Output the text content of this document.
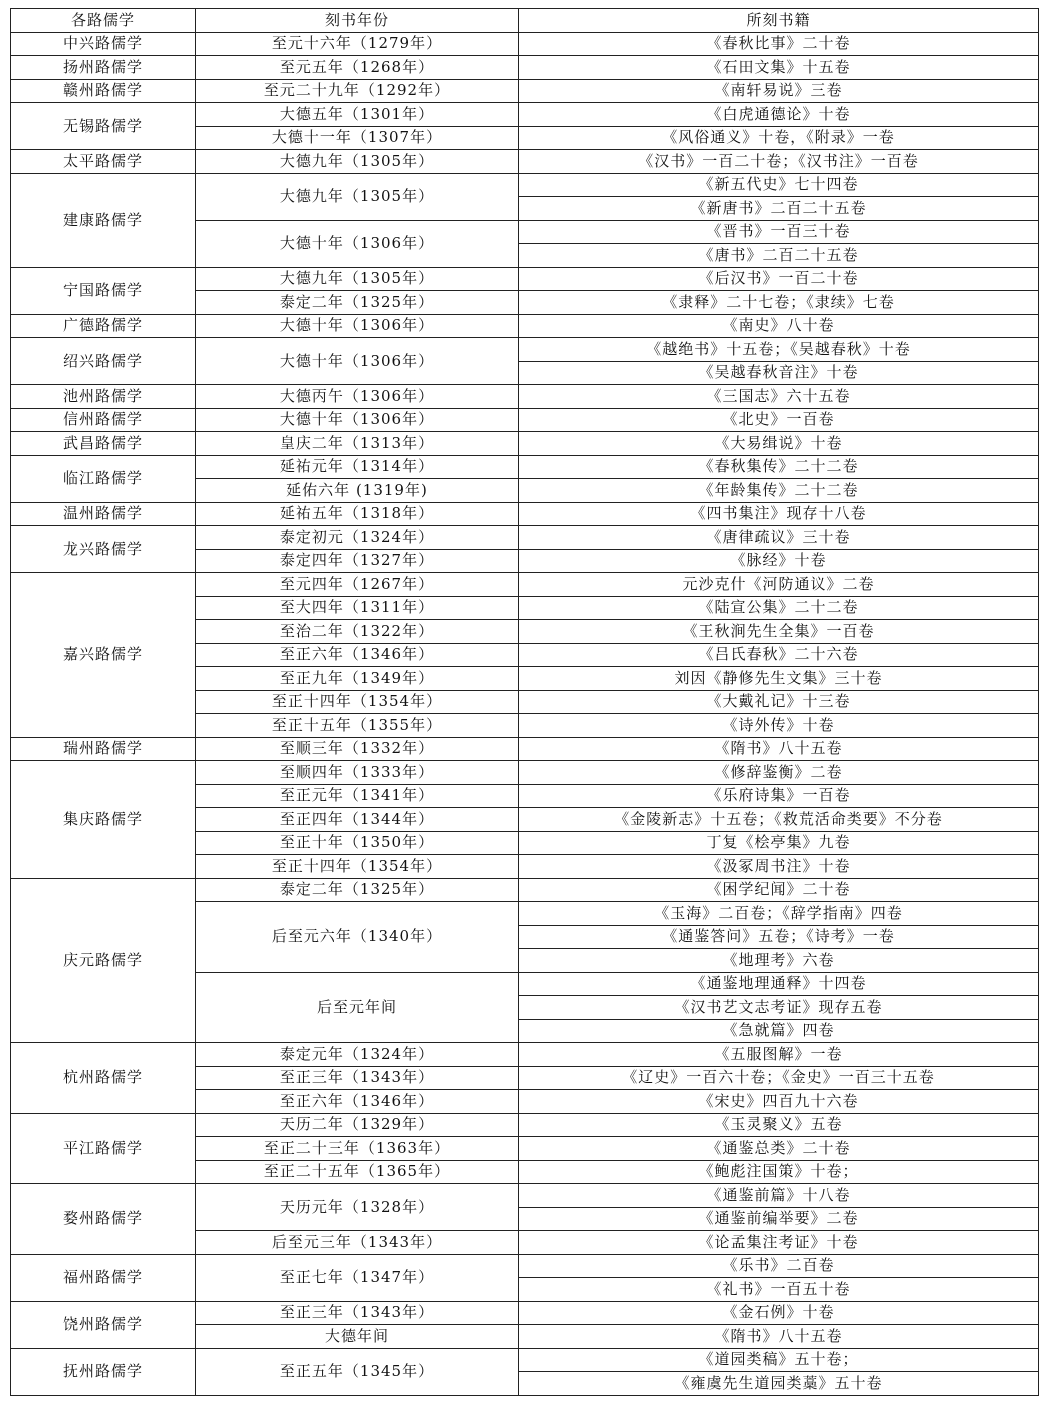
各路儒学	刻书年份	所刻书籍
中兴路儒学	至元十六年（1279年）	《春秋比事》二十卷
扬州路儒学	至元五年（1268年）	《石田文集》十五卷
赣州路儒学	至元二十九年（1292年）	《南轩易说》三卷
无锡路儒学	大德五年（1301年）	《白虎通德论》十卷
	大德十一年（1307年）	《风俗通义》十卷，《附录》一卷
太平路儒学	大德九年（1305年）	《汉书》一百二十卷；《汉书注》一百卷
建康路儒学	大德九年（1305年）	《新五代史》七十四卷
		《新唐书》二百二十五卷
	大德十年（1306年）	《晋书》一百三十卷
		《唐书》二百二十五卷
宁国路儒学	大德九年（1305年）	《后汉书》一百二十卷
	泰定二年（1325年）	《隶释》二十七卷；《隶续》七卷
广德路儒学	大德十年（1306年）	《南史》八十卷
绍兴路儒学	大德十年（1306年）	《越绝书》十五卷；《吴越春秋》十卷
		《吴越春秋音注》十卷
池州路儒学	大德丙午（1306年）	《三国志》六十五卷
信州路儒学	大德十年（1306年）	《北史》一百卷
武昌路儒学	皇庆二年（1313年）	《大易缉说》十卷
临江路儒学	延祐元年（1314年）	《春秋集传》二十二卷
	延佑六年 (1319年)	《年龄集传》二十二卷
温州路儒学	延祐五年（1318年）	《四书集注》现存十八卷
龙兴路儒学	泰定初元（1324年）	《唐律疏议》三十卷
	泰定四年（1327年）	《脉经》十卷
嘉兴路儒学	至元四年（1267年）	元沙克什《河防通议》二卷
	至大四年（1311年）	《陆宣公集》二十二卷
	至治二年（1322年）	《王秋涧先生全集》一百卷
	至正六年（1346年）	《吕氏春秋》二十六卷
	至正九年（1349年）	刘因《静修先生文集》三十卷
	至正十四年（1354年）	《大戴礼记》十三卷
	至正十五年（1355年）	《诗外传》十卷
瑞州路儒学	至顺三年（1332年）	《隋书》八十五卷
集庆路儒学	至顺四年（1333年）	《修辞鉴衡》二卷
	至正元年（1341年）	《乐府诗集》一百卷
	至正四年（1344年）	《金陵新志》十五卷；《救荒活命类要》不分卷
	至正十年（1350年）	丁复《桧亭集》九卷
	至正十四年（1354年）	《汲冢周书注》十卷
庆元路儒学	泰定二年（1325年）	《困学纪闻》二十卷
	后至元六年（1340年）	《玉海》二百卷；《辞学指南》四卷
		《通鉴答问》五卷；《诗考》一卷
		《地理考》六卷
	后至元年间	《通鉴地理通释》十四卷
		《汉书艺文志考证》现存五卷
		《急就篇》四卷
杭州路儒学	泰定元年（1324年）	《五服图解》一卷
	至正三年（1343年）	《辽史》一百六十卷；《金史》一百三十五卷
	至正六年（1346年）	《宋史》四百九十六卷
平江路儒学	天历二年（1329年）	《玉灵聚义》五卷
	至正二十三年（1363年）	《通鉴总类》二十卷
	至正二十五年（1365年）	《鲍彪注国策》十卷；
婺州路儒学	天历元年（1328年）	《通鉴前篇》十八卷
		《通鉴前编举要》二卷
	后至元三年（1343年）	《论孟集注考证》十卷
福州路儒学	至正七年（1347年）	《乐书》二百卷
		《礼书》一百五十卷
饶州路儒学	至正三年（1343年）	《金石例》十卷
	大德年间	《隋书》八十五卷
抚州路儒学	至正五年（1345年）	《道园类稿》五十卷；
		《雍虞先生道园类藁》五十卷
